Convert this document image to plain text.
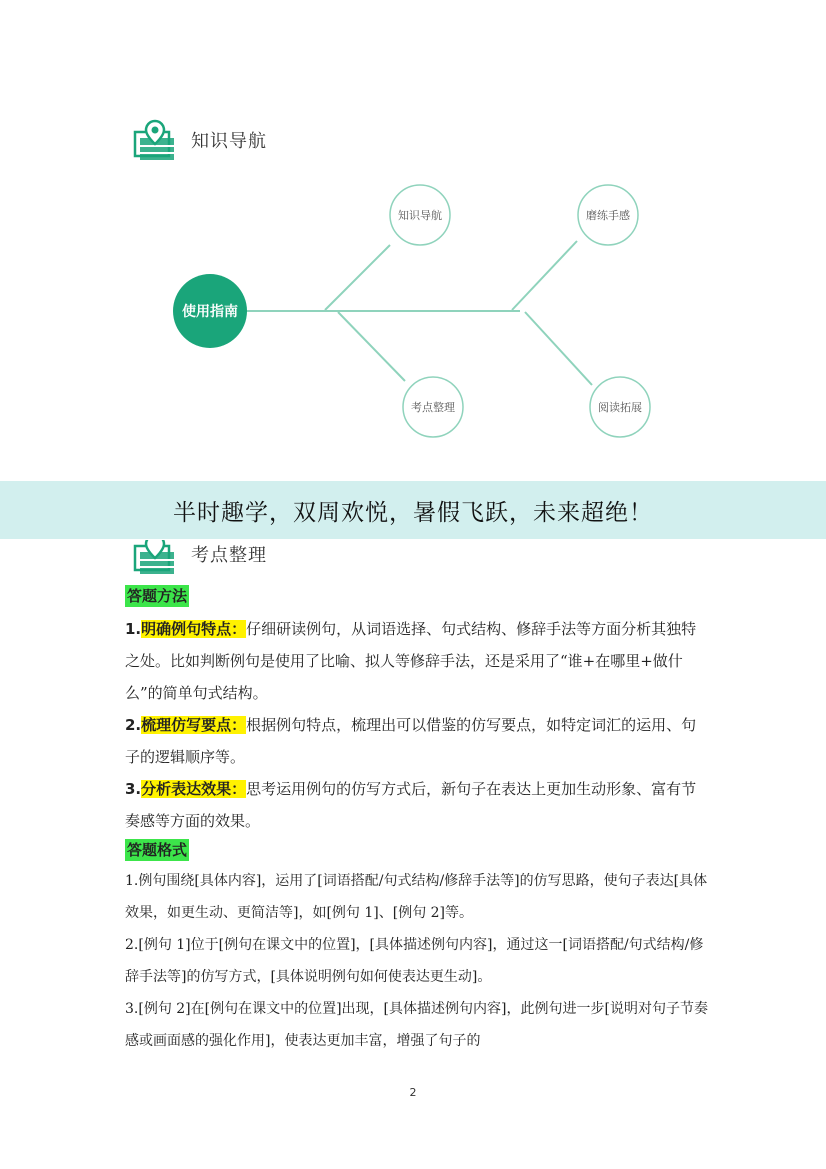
知识导航
使用指南
知识导航
考点整理
磨练手感
阅读拓展
半时趣学，双周欢悦，暑假飞跃，未来超绝！
考点整理
答题方法

1.明确例句特点：仔细研读例句，从词语选择、句式结构、修辞手法等方面分析其独特之处。比如判断例句是使用了比喻、拟人等修辞手法，还是采用了“谁+在哪里+做什么”的简单句式结构。

2.梳理仿写要点：根据例句特点，梳理出可以借鉴的仿写要点，如特定词汇的运用、句子的逻辑顺序等。

3.分析表达效果：思考运用例句的仿写方式后，新句子在表达上更加生动形象、富有节奏感等方面的效果。

答题格式

1.例句围绕[具体内容]，运用了[词语搭配/句式结构/修辞手法等]的仿写思路，使句子表达[具体效果，如更生动、更简洁等]，如[例句 1]、[例句 2]等。

2.[例句 1]位于[例句在课文中的位置]，[具体描述例句内容]，通过这一[词语搭配/句式结构/修辞手法等]的仿写方式，[具体说明例句如何使表达更生动]。

3.[例句 2]在[例句在课文中的位置]出现，[具体描述例句内容]，此例句进一步[说明对句子节奏感或画面感的强化作用]，使表达更加丰富，增强了句子的

2
